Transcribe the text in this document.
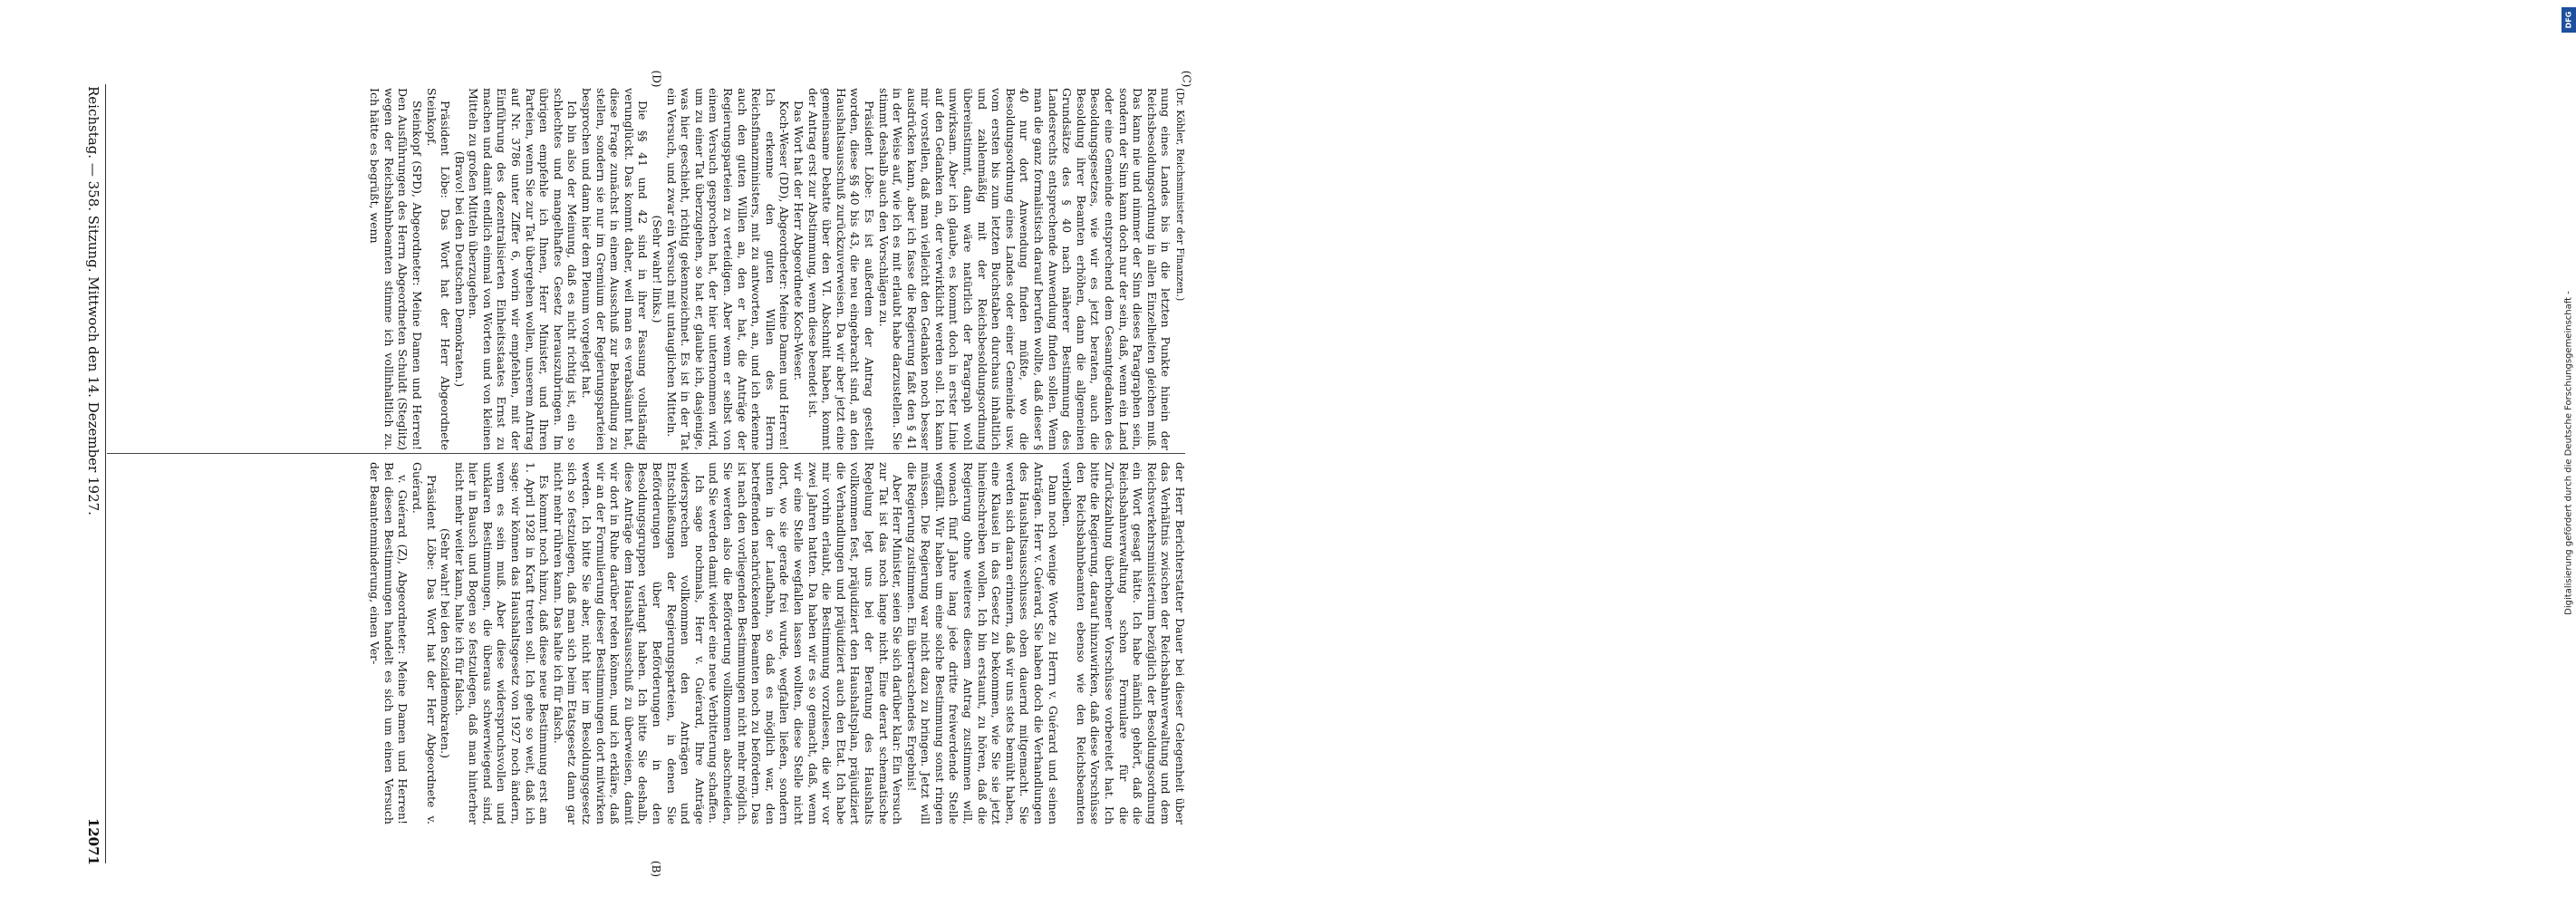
Reichstag. — 358. Sitzung. Mittwoch den 14. Dezember 1927.
12071

(Dr. Köhler, Reichsminister der Finanzen.)

nung eines Landes bis in die letzten Punkte hinein der Reichsbesoldungsordnung in allen Einzelheiten gleichen muß. Das kann nie und nimmer der Sinn dieses Paragraphen sein, sondern der Sinn kann doch nur der sein, daß, wenn ein Land oder eine Gemeinde entsprechend dem Gesamtgedanken des Besoldungsgesetzes, wie wir es jetzt beraten, auch die Besoldung ihrer Beamten erhöhen, dann die allgemeinen Grundsätze des § 40 nach näherer Bestimmung des Landesrechts entsprechende Anwendung finden sollen. Wenn man die ganz formalistisch darauf berufen wollte, daß dieser § 40 nur dort Anwendung finden müßte, wo die Besoldungsordnung eines Landes oder einer Gemeinde usw. vom ersten bis zum letzten Buchstaben durchaus inhaltlich und zahlenmäßig mit der Reichsbesoldungsordnung übereinstimmt, dann wäre natürlich der Paragraph wohl unwirksam. Aber ich glaube, es kommt doch in erster Linie auf den Gedanken an, der verwirklicht werden soll. Ich kann mir vorstellen, daß man vielleicht den Gedanken noch besser ausdrücken kann, aber ich fasse die Regierung faßt den § 41 in der Weise auf, wie ich es mit erlaubt habe darzustellen. Sie stimmt deshalb auch den Vorschlägen zu.

Präsident Löbe: Es ist außerdem der Antrag gestellt worden, diese §§ 40 bis 43, die neu eingebracht sind, an den Haushaltsausschuß zurückzuverweisen. Da wir aber jetzt eine gemeinsame Debatte über den VI. Abschnitt haben, kommt der Antrag erst zur Abstimmung, wenn diese beendet ist.

Das Wort hat der Herr Abgeordnete Koch-Weser.

Koch-Weser (DD), Abgeordneter: Meine Damen und Herren! Ich erkenne den guten Willen des Herrn Reichsfinanzministers, mit zu antworten, an, und ich erkenne auch den guten Willen an, den er hat, die Anträge der Regierungsparteien zu verteidigen. Aber wenn er selbst von einem Versuch gesprochen hat, der hier unternommen wird, um zu einer Tat überzugehen, so hat er, glaube ich, dasjenige, was hier geschieht, richtig gekennzeichnet. Es ist in der Tat ein Versuch, und zwar ein Versuch mit untauglichen Mitteln.

(Sehr wahr! links.)

Die §§ 41 und 42 sind in ihrer Fassung vollständig verunglückt. Das kommt daher, weil man es verabsäumt hat, diese Frage zunächst in einem Ausschuß zur Behandlung zu stellen, sondern sie nur im Gremium der Regierungsparteien besprochen und dann hier dem Plenum vorgelegt hat.

Ich bin also der Meinung, daß es nicht richtig ist, ein so schlechtes und mangelhaftes Gesetz herauszubringen. Im übrigen empfehle ich Ihnen, Herr Minister, und Ihren Parteien, wenn Sie zur Tat übergehen wollen, unserem Antrag auf Nr. 3786 unter Ziffer 6, worin wir empfehlen, mit der Einführung des dezentralisierten Einheitsstaates Ernst zu machen und damit endlich einmal von Worten und von kleinen Mitteln zu großen Mitteln überzugehen.

(Bravo! bei den Deutschen Demokraten.)

Präsident Löbe: Das Wort hat der Herr Abgeordnete Steinkopf.

Steinkopf (SPD), Abgeordneter: Meine Damen und Herren! Den Ausführungen des Herrn Abgeordneten Schuldt (Steglitz) wegen der Reichsbahnbeamten stimme ich vollinhaltlich zu. Ich hätte es begrüßt, wenn

der Herr Berichterstatter Dauer bei dieser Gelegenheit über das Verhältnis zwischen der Reichsbahnverwaltung und dem Reichsverkehrsministerium bezüglich der Besoldungsordnung ein Wort gesagt hätte. Ich habe nämlich gehört, daß die Reichsbahnverwaltung schon Formulare für die Zurückzahlung überhobener Vorschüsse vorbereitet hat. Ich bitte die Regierung, darauf hinzuwirken, daß diese Vorschüsse den Reichsbahnbeamten ebenso wie den Reichsbeamten verbleiben.

Dann noch wenige Worte zu Herrn v. Guérard und seinen Anträgen. Herr v. Guérard, Sie haben doch die Verhandlungen des Haushaltsausschusses oben dauernd mitgemacht. Sie werden sich daran erinnern, daß wir uns stets bemüht haben, eine Klausel in das Gesetz zu bekommen, wie Sie sie jetzt hineinschreiben wollen. Ich bin erstaunt, zu hören, daß die Regierung ohne weiteres diesem Antrag zustimmen will, wonach fünf Jahre lang jede dritte freiwerdende Stelle wegfällt. Wir haben um eine solche Bestimmung sonst ringen müssen. Die Regierung war nicht dazu zu bringen. Jetzt will die Regierung zustimmen. Ein überraschendes Ergebnis!

Aber Herr Minister, seien Sie sich darüber klar: Ein Versuch zur Tat ist das noch lange nicht. Eine derart schematische Regelung legt uns bei der Beratung des Haushalts vollkommen fest, präjudiziert den Haushaltsplan, präjudiziert die Verhandlungen und präjudiziert auch den Etat. Ich habe mir vorhin erlaubt, die Bestimmung vorzulesen, die wir vor zwei Jahren hatten. Da haben wir es so gemacht, daß, wenn wir eine Stelle wegfallen lassen wollten, diese Stelle nicht dort, wo sie gerade frei wurde, wegfallen ließen, sondern unten in der Laufbahn, so daß es möglich war, den betreffenden nachrückenden Beamten noch zu befördern. Das ist nach den vorliegenden Bestimmungen nicht mehr möglich. Sie werden also die Beförderung vollkommen abschneiden, und Sie werden damit wieder eine neue Verbitterung schaffen.

Ich sage nochmals, Herr v. Guérard, Ihre Anträge widersprechen vollkommen den Anträgen und Entschließungen der Regierungsparteien, in denen Sie Beförderungen über Beförderungen in den Besoldungsgruppen verlangt haben. Ich bitte Sie deshalb, diese Anträge dem Haushaltsausschuß zu überweisen, damit wir dort in Ruhe darüber reden können, und ich erkläre, daß wir an der Formulierung dieser Bestimmungen dort mitwirken werden. Ich bitte Sie aber, nicht hier im Besoldungsgesetz sich so festzulegen, daß man sich beim Etatsgesetz dann gar nicht mehr rühren kann. Das halte ich für falsch.

Es kommt noch hinzu, daß diese neue Bestimmung erst am 1. April 1928 in Kraft treten soll. Ich gehe so weit, daß ich sage: wir können das Haushaltsgesetz von 1927 noch ändern, wenn es sein muß. Aber diese widerspruchsvollen und unklaren Bestimmungen, die überaus schwerwiegend sind, hier in Bausch und Bogen so festzulegen, daß man hinterher nicht mehr weiter kann, halte ich für falsch.

(Sehr wahr! bei den Sozialdemokraten.)

Präsident Löbe: Das Wort hat der Herr Abgeordnete v. Guérard.

v. Guérard (Z), Abgeordneter: Meine Damen und Herren! Bei diesen Bestimmungen handelt es sich um einen Versuch der Beamtenminderung, einen Ver-

(C)
(D)
(B)
DFG
Digitalisierung gefördert durch die Deutsche Forschungsgemeinschaft -
